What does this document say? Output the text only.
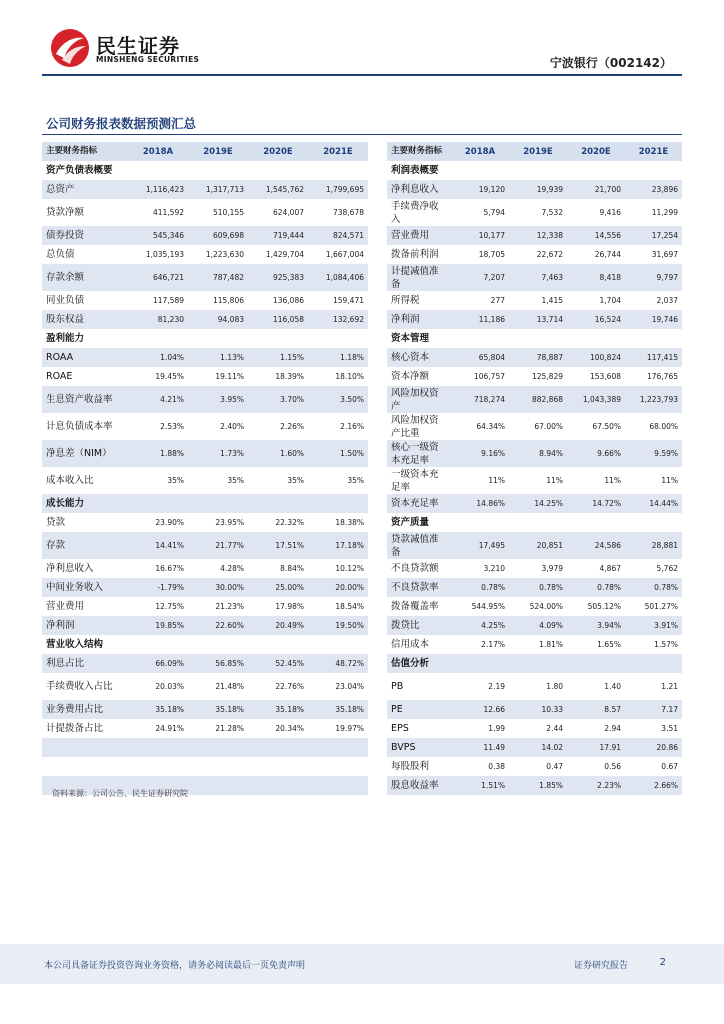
民生证券
MINSHENG SECURITIES	宁波银行（002142）
公司财务报表数据预测汇总
主要财务指标	2018A	2019E	2020E	2021E
资产负债表概要				
总资产	1,116,423	1,317,713	1,545,762	1,799,695
贷款净额	411,592	510,155	624,007	738,678
债券投资	545,346	609,698	719,444	824,571
总负债	1,035,193	1,223,630	1,429,704	1,667,004
存款余额	646,721	787,482	925,383	1,084,406
同业负债	117,589	115,806	136,086	159,471
股东权益	81,230	94,083	116,058	132,692
盈利能力				
ROAA	1.04%	1.13%	1.15%	1.18%
ROAE	19.45%	19.11%	18.39%	18.10%
生息资产收益率	4.21%	3.95%	3.70%	3.50%
计息负债成本率	2.53%	2.40%	2.26%	2.16%
净息差（NIM）	1.88%	1.73%	1.60%	1.50%
成本收入比	35%	35%	35%	35%
成长能力				
贷款	23.90%	23.95%	22.32%	18.38%
存款	14.41%	21.77%	17.51%	17.18%
净利息收入	16.67%	4.28%	8.84%	10.12%
中间业务收入	-1.79%	30.00%	25.00%	20.00%
营业费用	12.75%	21.23%	17.98%	18.54%
净利润	19.85%	22.60%	20.49%	19.50%
营业收入结构				
利息占比	66.09%	56.85%	52.45%	48.72%
手续费收入占比	20.03%	21.48%	22.76%	23.04%
业务费用占比	35.18%	35.18%	35.18%	35.18%
计提拨备占比	24.91%	21.28%	20.34%	19.97%

主要财务指标	2018A	2019E	2020E	2021E
利润表概要				
净利息收入	19,120	19,939	21,700	23,896
手续费净收入	5,794	7,532	9,416	11,299
营业费用	10,177	12,338	14,556	17,254
拨备前利润	18,705	22,672	26,744	31,697
计提减值准备	7,207	7,463	8,418	9,797
所得税	277	1,415	1,704	2,037
净利润	11,186	13,714	16,524	19,746
资本管理				
核心资本	65,804	78,887	100,824	117,415
资本净额	106,757	125,829	153,608	176,765
风险加权资产	718,274	882,868	1,043,389	1,223,793
风险加权资产比重	64.34%	67.00%	67.50%	68.00%
核心一级资本充足率	9.16%	8.94%	9.66%	9.59%
一级资本充足率	11%	11%	11%	11%
资本充足率	14.86%	14.25%	14.72%	14.44%
资产质量				
贷款减值准备	17,495	20,851	24,586	28,881
不良贷款额	3,210	3,979	4,867	5,762
不良贷款率	0.78%	0.78%	0.78%	0.78%
拨备覆盖率	544.95%	524.00%	505.12%	501.27%
拨贷比	4.25%	4.09%	3.94%	3.91%
信用成本	2.17%	1.81%	1.65%	1.57%
估值分析				
PB	2.19	1.80	1.40	1.21
PE	12.66	10.33	8.57	7.17
EPS	1.99	2.44	2.94	3.51
BVPS	11.49	14.02	17.91	20.86
每股股利	0.38	0.47	0.56	0.67
股息收益率	1.51%	1.85%	2.23%	2.66%
资料来源：公司公告、民生证券研究院
本公司具备证券投资咨询业务资格，请务必阅读最后一页免责声明	证券研究报告	2
